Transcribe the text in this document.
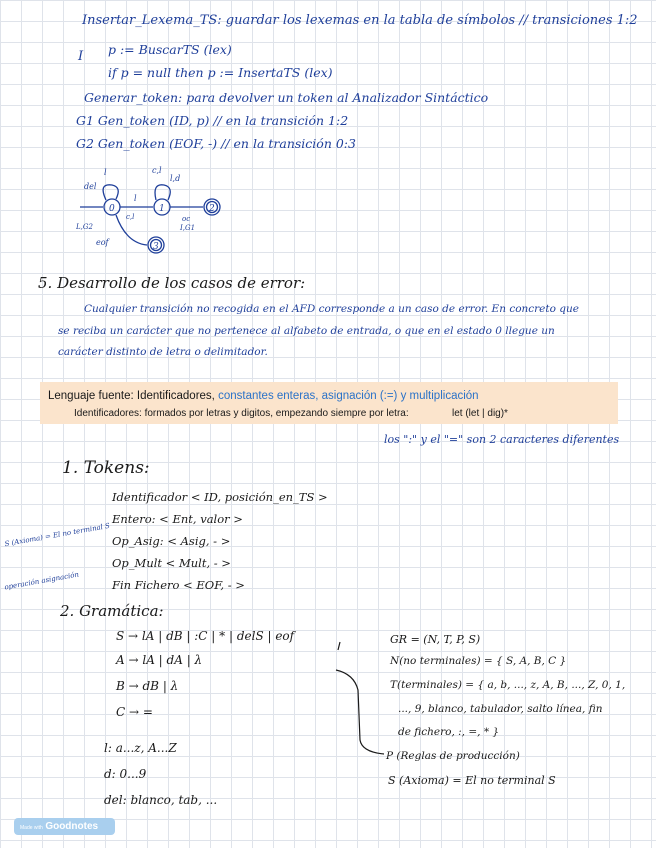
Insertar_Lexema_TS: guardar los lexemas en la tabla de símbolos // transiciones 1:2
I p := BuscarTS (lex)
if p = null then p := InsertaTS (lex)
Generar_token: para devolver un token al Analizador Sintáctico
G1 Gen_token (ID, p) // en la transición 1:2
G2 Gen_token (EOF, -) // en la transición 0:3
0	1	2
3
del
l,d
l	c,l
l
c,l	oc
I,G1
L,G2
eof
5. Desarrollo de los casos de error:
Cualquier transición no recogida en el AFD corresponde a un caso de error. En concreto que
se reciba un carácter que no pertenece al alfabeto de entrada, o que en el estado 0 llegue un
carácter distinto de letra o delimitador.
Lenguaje fuente: Identificadores, constantes enteras, asignación (:=) y multiplicación
Identificadores: formados por letras y digitos, empezando siempre por letra:	let (let | dig)*
los ":" y el "=" son 2 caracteres diferentes
1. Tokens:
Identificador < ID, posición_en_TS >
Entero: < Ent, valor >
Op_Asig: < Asig, - >
Op_Mult < Mult, - >
Fin Fichero < EOF, - >
S (Axioma) = El no terminal S
operación asignación
2. Gramática:
S → lA | dB | :C | * | delS | eof
A → lA | dA | λ
B → dB | λ
C → =
l: a...z, A...Z
d: 0...9
del: blanco, tab, ...
GR = (N, T, P, S)
N(no terminales) = { S, A, B, C }
T(terminales) = { a, b, ..., z, A, B, ..., Z, 0, 1,
..., 9, blanco, tabulador, salto línea, fin
de fichero, :, =, * }
P (Reglas de producción)
S (Axioma) = El no terminal S
Made with Goodnotes
